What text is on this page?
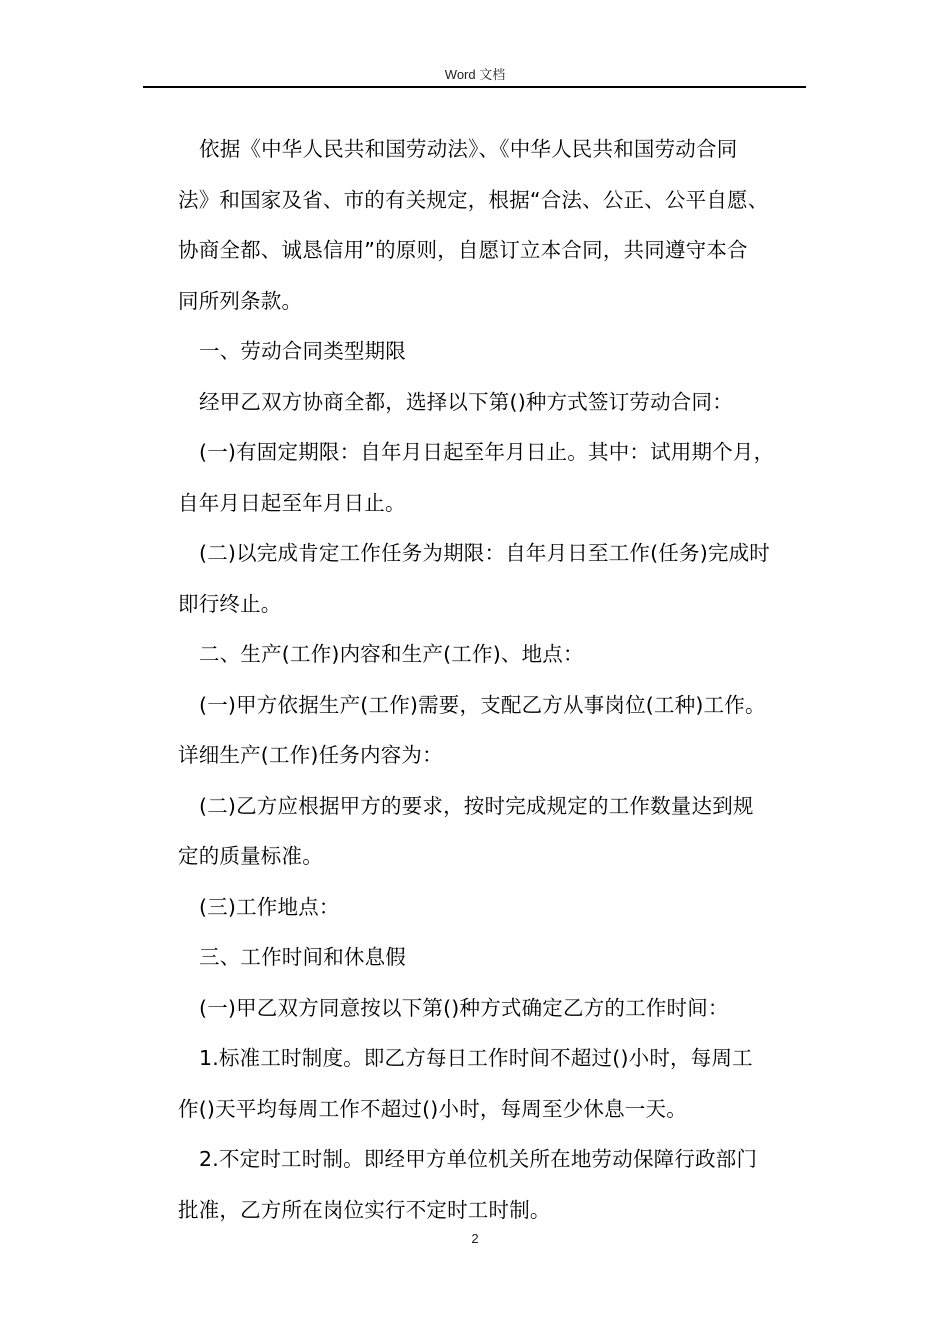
Word 文档

依据《中华人民共和国劳动法》、《中华人民共和国劳动合同

法》和国家及省、市的有关规定，根据“合法、公正、公平自愿、

协商全都、诚恳信用”的原则，自愿订立本合同，共同遵守本合

同所列条款。

一、劳动合同类型期限

经甲乙双方协商全都，选择以下第()种方式签订劳动合同：

(一)有固定期限：自年月日起至年月日止。其中：试用期个月，

自年月日起至年月日止。

(二)以完成肯定工作任务为期限：自年月日至工作(任务)完成时

即行终止。

二、生产(工作)内容和生产(工作)、地点：

(一)甲方依据生产(工作)需要，支配乙方从事岗位(工种)工作。

详细生产(工作)任务内容为：

(二)乙方应根据甲方的要求，按时完成规定的工作数量达到规

定的质量标准。

(三)工作地点：

三、工作时间和休息假

(一)甲乙双方同意按以下第()种方式确定乙方的工作时间：

1.标准工时制度。即乙方每日工作时间不超过()小时，每周工

作()天平均每周工作不超过()小时，每周至少休息一天。

2.不定时工时制。即经甲方单位机关所在地劳动保障行政部门

批准，乙方所在岗位实行不定时工时制。

2
